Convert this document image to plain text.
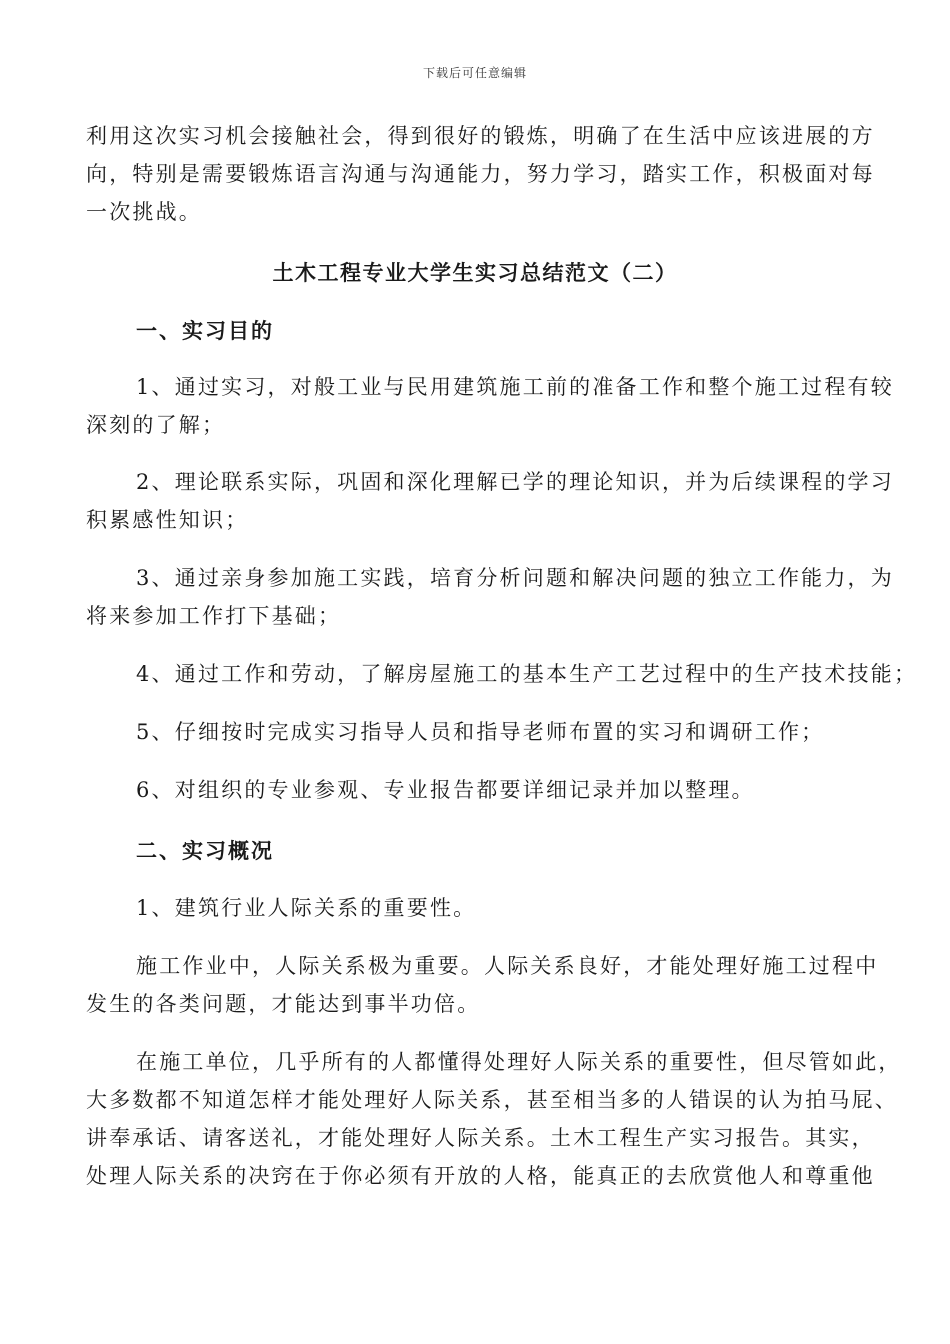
下载后可任意编辑
利用这次实习机会接触社会，得到很好的锻炼，明确了在生活中应该进展的方
向，特别是需要锻炼语言沟通与沟通能力，努力学习，踏实工作，积极面对每
一次挑战。
土木工程专业大学生实习总结范文（二）
一、实习目的
1、通过实习，对般工业与民用建筑施工前的准备工作和整个施工过程有较
深刻的了解；
2、理论联系实际，巩固和深化理解已学的理论知识，并为后续课程的学习
积累感性知识；
3、通过亲身参加施工实践，培育分析问题和解决问题的独立工作能力，为
将来参加工作打下基础；
4、通过工作和劳动，了解房屋施工的基本生产工艺过程中的生产技术技能；
5、仔细按时完成实习指导人员和指导老师布置的实习和调研工作；
6、对组织的专业参观、专业报告都要详细记录并加以整理。
二、实习概况
1、建筑行业人际关系的重要性。
施工作业中，人际关系极为重要。人际关系良好，才能处理好施工过程中
发生的各类问题，才能达到事半功倍。
在施工单位，几乎所有的人都懂得处理好人际关系的重要性，但尽管如此，
大多数都不知道怎样才能处理好人际关系，甚至相当多的人错误的认为拍马屁、
讲奉承话、请客送礼，才能处理好人际关系。土木工程生产实习报告。其实，
处理人际关系的决窍在于你必须有开放的人格，能真正的去欣赏他人和尊重他
